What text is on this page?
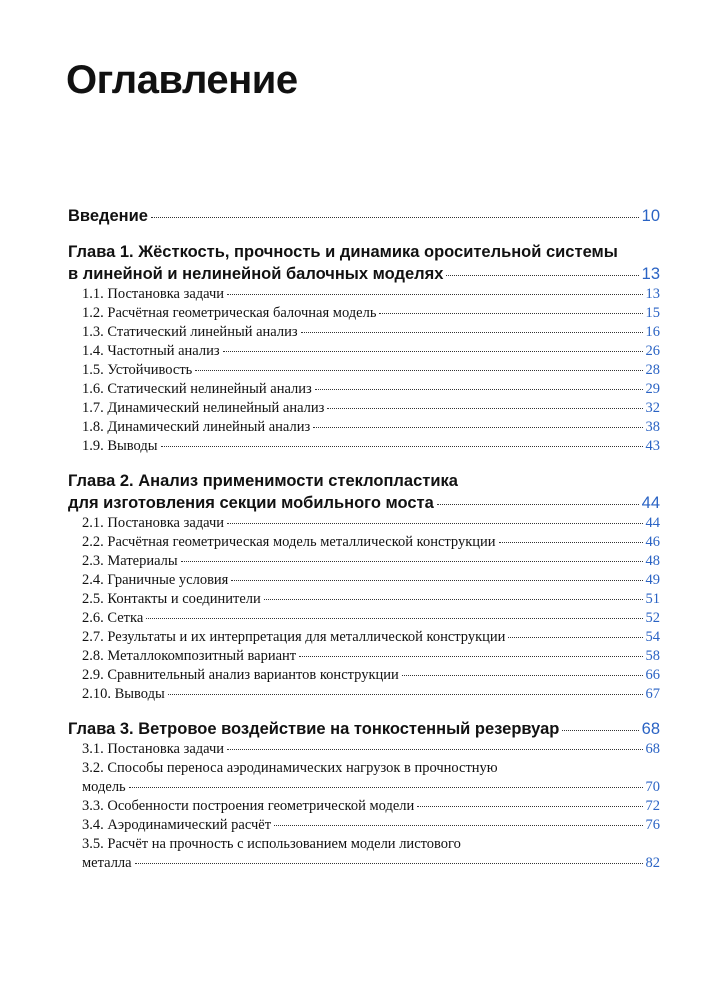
Оглавление
Введение	10
Глава 1. Жёсткость, прочность и динамика оросительной системы
в линейной и нелинейной балочных моделях	13
1.1. Постановка задачи	13
1.2. Расчётная геометрическая балочная модель	15
1.3. Статический линейный анализ	16
1.4. Частотный анализ	26
1.5. Устойчивость	28
1.6. Статический нелинейный анализ	29
1.7. Динамический нелинейный анализ	32
1.8. Динамический линейный анализ	38
1.9. Выводы	43
Глава 2. Анализ применимости стеклопластика
для изготовления секции мобильного моста	44
2.1. Постановка задачи	44
2.2. Расчётная геометрическая модель металлической конструкции	46
2.3. Материалы	48
2.4. Граничные условия	49
2.5. Контакты и соединители	51
2.6. Сетка	52
2.7. Результаты и их интерпретация для металлической конструкции	54
2.8. Металлокомпозитный вариант	58
2.9. Сравнительный анализ вариантов конструкции	66
2.10. Выводы	67
Глава 3. Ветровое воздействие на тонкостенный резервуар	68
3.1. Постановка задачи	68
3.2. Способы переноса аэродинамических нагрузок в прочностную
модель	70
3.3. Особенности построения геометрической модели	72
3.4. Аэродинамический расчёт	76
3.5. Расчёт на прочность с использованием модели листового
металла	82
